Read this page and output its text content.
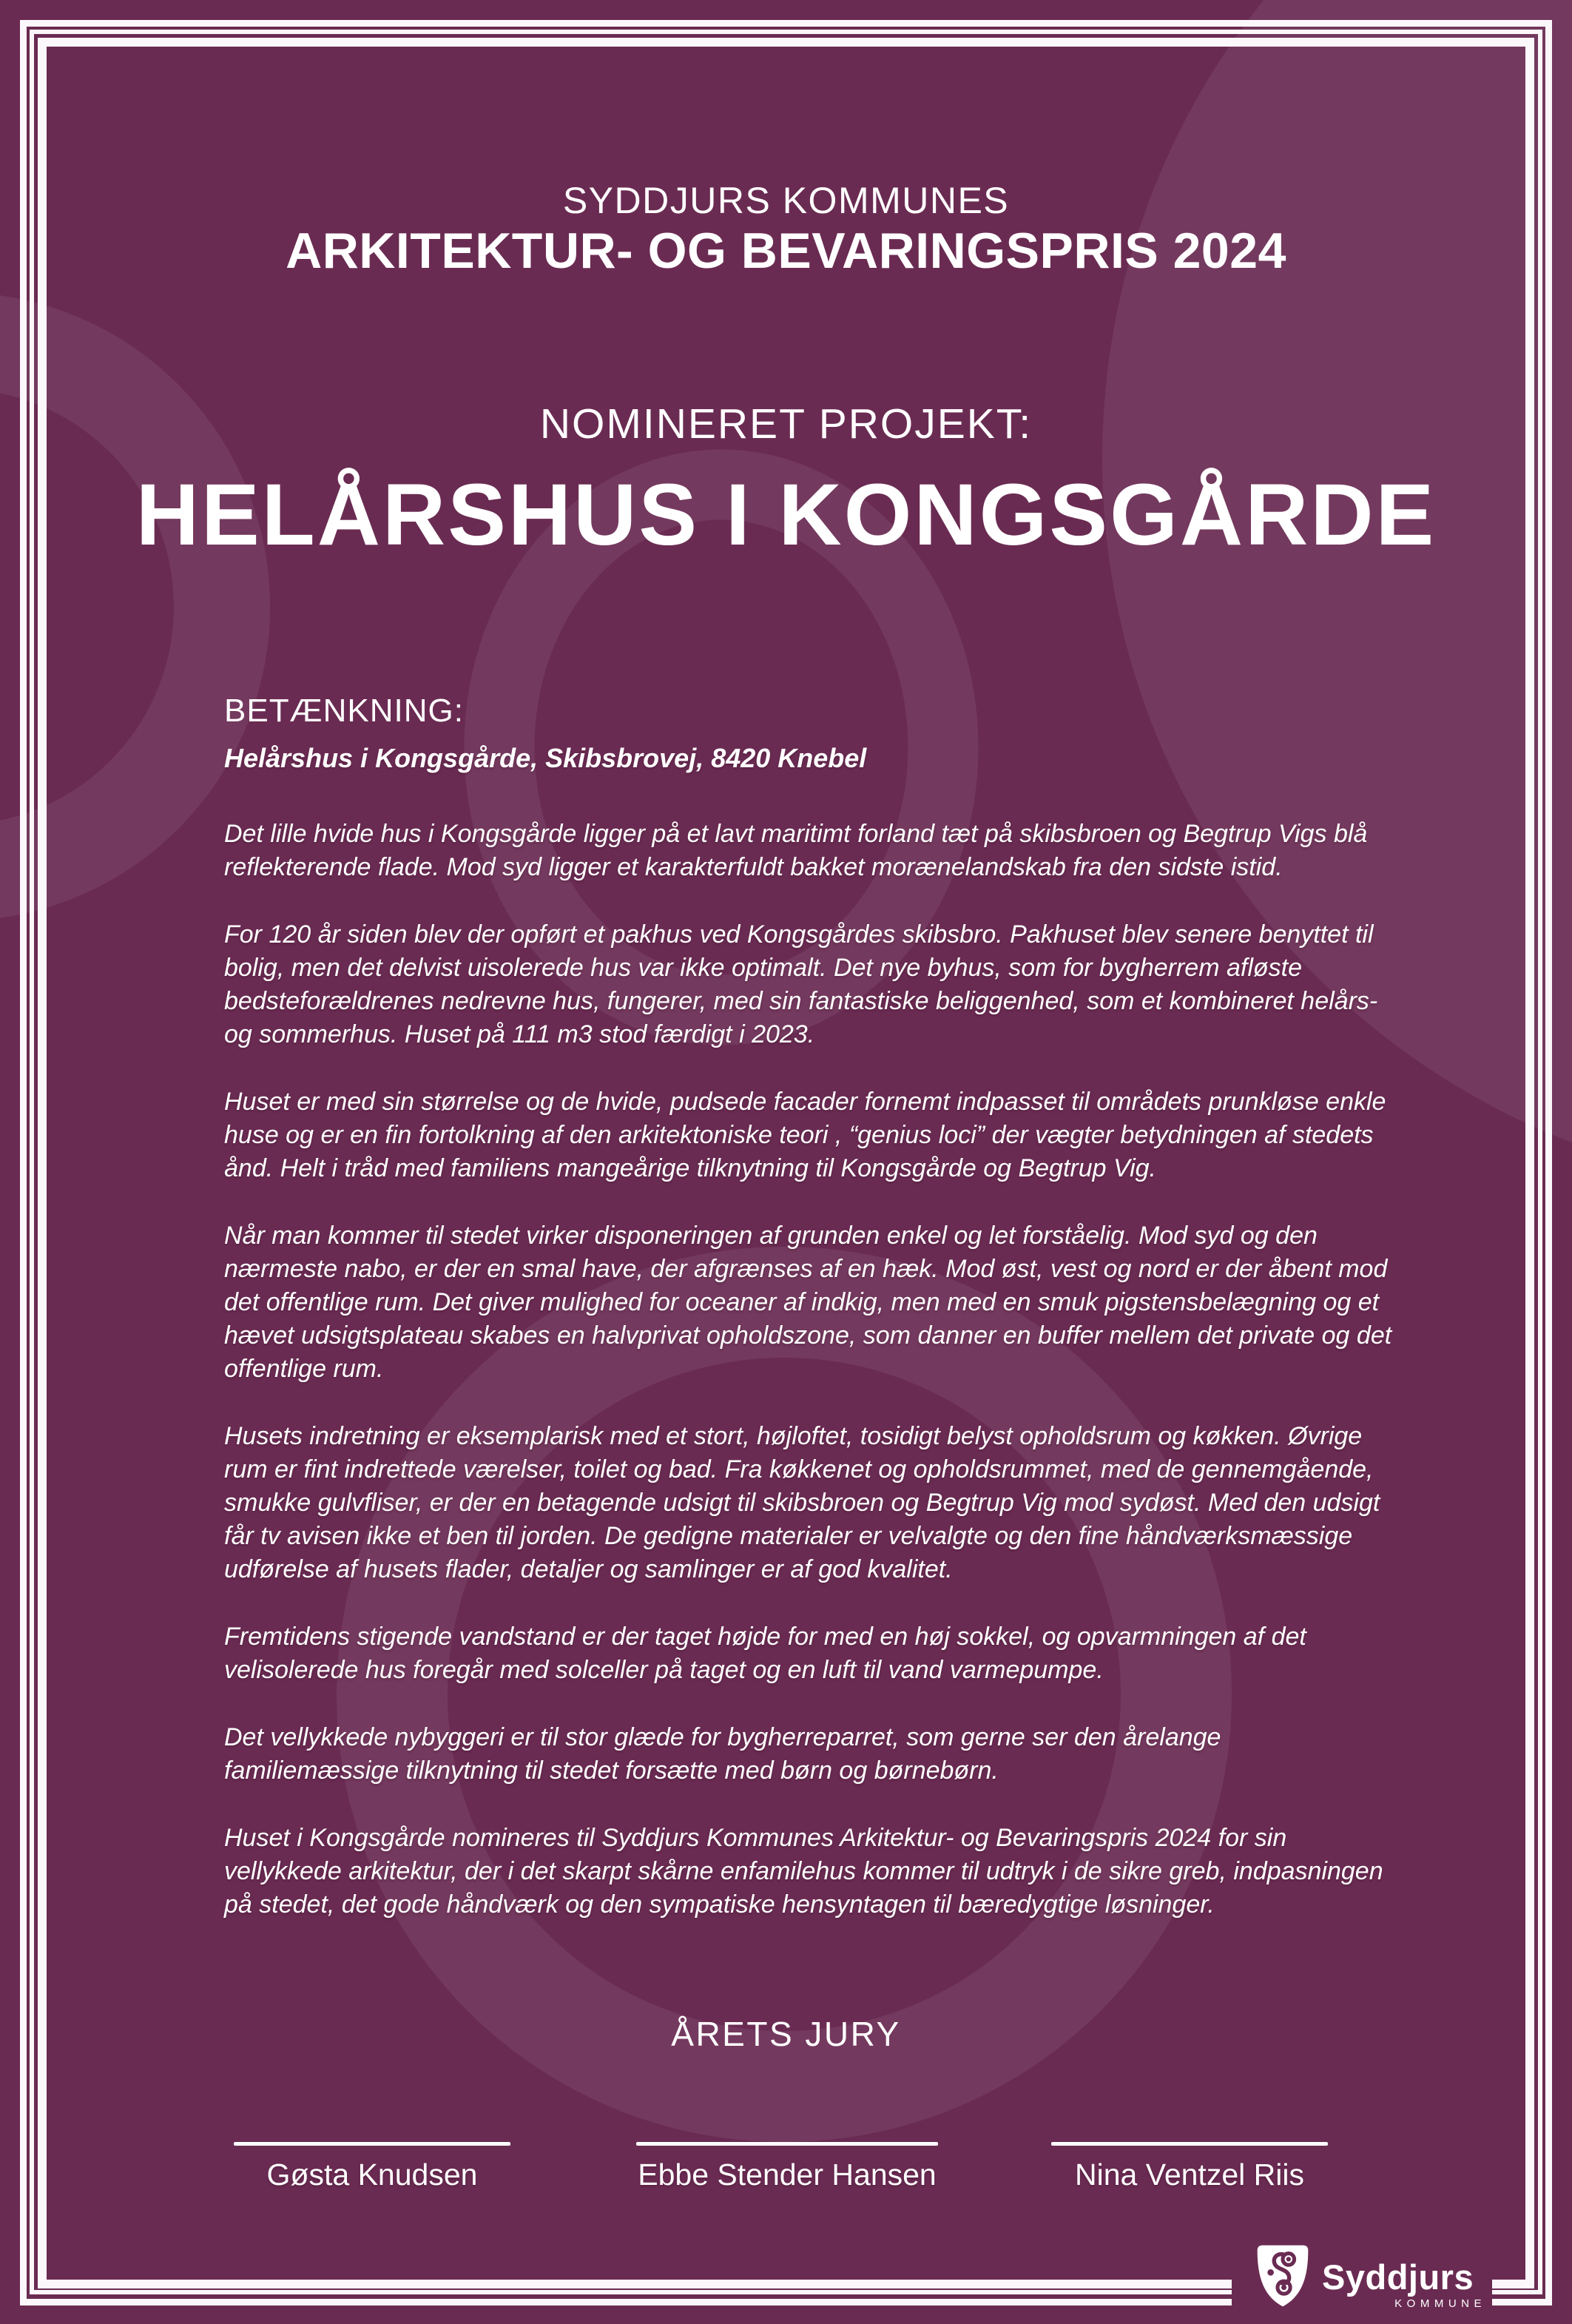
SYDDJURS KOMMUNES
ARKITEKTUR- OG BEVARINGSPRIS 2024
NOMINERET PROJEKT:
HELÅRSHUS I KONGSGÅRDE
BETÆNKNING:
Helårshus i Kongsgårde, Skibsbrovej, 8420 Knebel

Det lille hvide hus i Kongsgårde ligger på et lavt maritimt forland tæt på skibsbroen og Begtrup Vigs blå reflekterende flade. Mod syd ligger et karakterfuldt bakket morænelandskab fra den sidste istid.

For 120 år siden blev der opført et pakhus ved Kongsgårdes skibsbro. Pakhuset blev senere benyttet til bolig, men det delvist uisolerede hus var ikke optimalt. Det nye byhus, som for bygherrem afløste bedsteforældrenes nedrevne hus, fungerer, med sin fantastiske beliggenhed, som et kombineret helårs- og sommerhus. Huset på 111 m3 stod færdigt i 2023.

Huset er med sin størrelse og de hvide, pudsede facader fornemt indpasset til områdets prunkløse enkle huse og er en fin fortolkning af den arkitektoniske teori , “genius loci” der vægter betydningen af stedets ånd. Helt i tråd med familiens mangeårige tilknytning til Kongsgårde og Begtrup Vig.

Når man kommer til stedet virker disponeringen af grunden enkel og let forståelig. Mod syd og den nærmeste nabo, er der en smal have, der afgrænses af en hæk. Mod øst, vest og nord er der åbent mod det offentlige rum. Det giver mulighed for oceaner af indkig, men med en smuk pigstensbelægning og et hævet udsigtsplateau skabes en halvprivat opholdszone, som danner en buffer mellem det private og det offentlige rum.

Husets indretning er eksemplarisk med et stort, højloftet, tosidigt belyst opholdsrum og køkken. Øvrige rum er fint indrettede værelser, toilet og bad. Fra køkkenet og opholdsrummet, med de gennemgående, smukke gulvfliser, er der en betagende udsigt til skibsbroen og Begtrup Vig mod sydøst. Med den udsigt får tv avisen ikke et ben til jorden. De gedigne materialer er velvalgte og den fine håndværksmæssige udførelse af husets flader, detaljer og samlinger er af god kvalitet.

Fremtidens stigende vandstand er der taget højde for med en høj sokkel, og opvarmningen af det velisolerede hus foregår med solceller på taget og en luft til vand varmepumpe.

Det vellykkede nybyggeri er til stor glæde for bygherreparret, som gerne ser den årelange familiemæssige tilknytning til stedet forsætte med børn og børnebørn.

Huset i Kongsgårde nomineres til Syddjurs Kommunes Arkitektur- og Bevaringspris 2024 for sin vellykkede arkitektur, der i det skarpt skårne enfamilehus kommer til udtryk i de sikre greb, indpasningen på stedet, det gode håndværk og den sympatiske hensyntagen til bæredygtige løsninger.

ÅRETS JURY
Gøsta Knudsen	Ebbe Stender Hansen	Nina Ventzel Riis
Syddjurs
KOMMUNE
